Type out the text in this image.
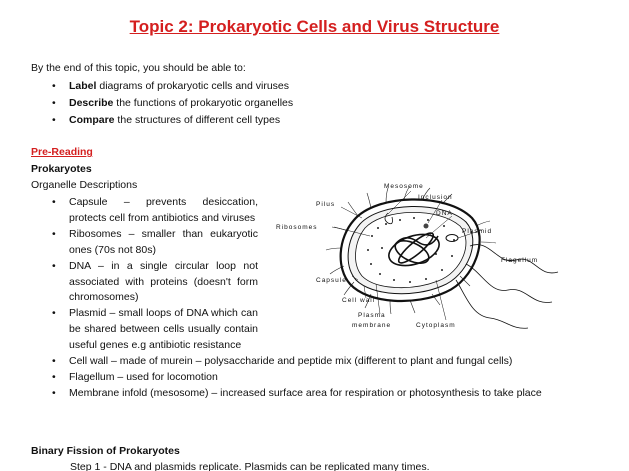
Topic 2: Prokaryotic Cells and Virus Structure
By the end of this topic, you should be able to:
• Label diagrams of prokaryotic cells and viruses
• Describe the functions of prokaryotic organelles
• Compare the structures of different cell types
Pre-Reading
Prokaryotes
Organelle Descriptions
• Capsule – prevents desiccation, protects cell from antibiotics and viruses
• Ribosomes – smaller than eukaryotic ones (70s not 80s)
• DNA – in a single circular loop not associated with proteins (doesn't form chromosomes)
• Plasmid – small loops of DNA which can be shared between cells usually contain useful genes e.g antibiotic resistance
• Cell wall – made of murein – polysaccharide and peptide mix (different to plant and fungal cells)
• Flagellum – used for locomotion
• Membrane infold (mesosome) – increased surface area for respiration or photosynthesis to take place
Mesosome
Inclusion
DNA
Pilus
Ribosomes
Plasmid
Flagellum
Capsule
Cell wall
Plasma
membrane	Cytoplasm
Binary Fission of Prokaryotes
Step 1 - DNA and plasmids replicate. Plasmids can be replicated many times.
